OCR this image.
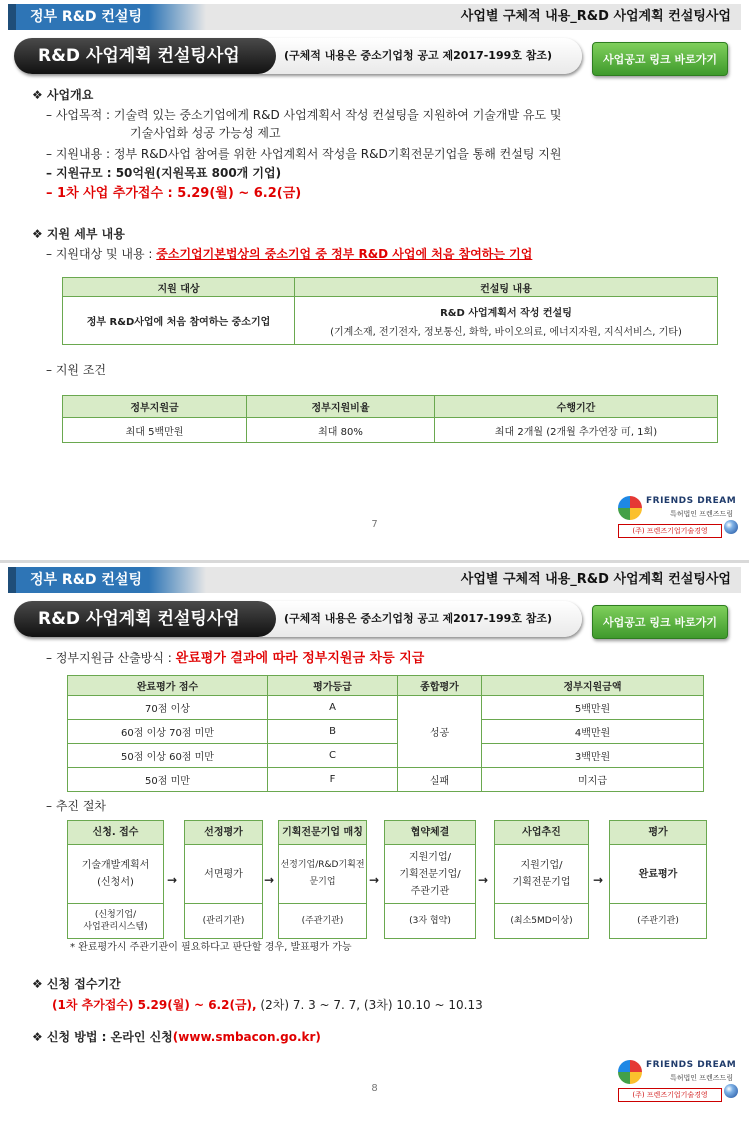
정부 R&D 컨설팅	사업별 구체적 내용_R&D 사업계획 컨설팅사업
R&D 사업계획 컨설팅사업	(구체적 내용은 중소기업청 공고 제2017-199호 참조)	사업공고 링크 바로가기
❖ 사업개요
– 사업목적 : 기술력 있는 중소기업에게 R&D 사업계획서 작성 컨설팅을 지원하여 기술개발 유도 및
기술사업화 성공 가능성 제고
– 지원내용 : 정부 R&D사업 참여를 위한 사업계획서 작성을 R&D기획전문기업을 통해 컨설팅 지원
– 지원규모 : 50억원(지원목표 800개 기업)
– 1차 사업 추가접수 : 5.29(월) ~ 6.2(금)
❖ 지원 세부 내용
– 지원대상 및 내용 : 중소기업기본법상의 중소기업 중 정부 R&D 사업에 처음 참여하는 기업
지원 대상	컨설팅 내용
정부 R&D사업에 처음 참여하는 중소기업	R&D 사업계획서 작성 컨설팅
(기계소재, 전기전자, 정보통신, 화학, 바이오의료, 에너지자원, 지식서비스, 기타)
– 지원 조건
정부지원금	정부지원비율	수행기간
최대 5백만원	최대 80%	최대 2개월 (2개월 추가연장 可, 1회)
FRIENDS DREAM
특허법인 프렌즈드림
(주) 프렌즈기업기술경영
7
정부 R&D 컨설팅	사업별 구체적 내용_R&D 사업계획 컨설팅사업
R&D 사업계획 컨설팅사업	(구체적 내용은 중소기업청 공고 제2017-199호 참조)	사업공고 링크 바로가기
– 정부지원금 산출방식 : 완료평가 결과에 따라 정부지원금 차등 지급
완료평가 점수	평가등급	종합평가	정부지원금액
70점 이상	A	성공	5백만원
60점 이상 70점 미만	B		4백만원
50점 이상 60점 미만	C		3백만원
50점 미만	F	실패	미지급
– 추진 절차
신청. 접수
기술개발계획서
(신청서)
(신청기업/
사업관리시스템)
→
선정평가
서면평가
(관리기관)
→
기획전문기업 매칭
선정기업/R&D기획전
문기업
(주관기관)
→
협약체결
지원기업/
기획전문기업/
주관기관
(3자 협약)
→
사업추진
지원기업/
기획전문기업
(최소5MD이상)
→
평가
완료평가
(주관기관)
* 완료평가시 주관기관이 필요하다고 판단할 경우, 발표평가 가능
❖ 신청 접수기간
(1차 추가접수) 5.29(월) ~ 6.2(금), (2차) 7. 3 ~ 7. 7, (3차) 10.10 ~ 10.13
❖ 신청 방법 : 온라인 신청(www.smbacon.go.kr)
FRIENDS DREAM
특허법인 프렌즈드림
(주) 프렌즈기업기술경영
8
